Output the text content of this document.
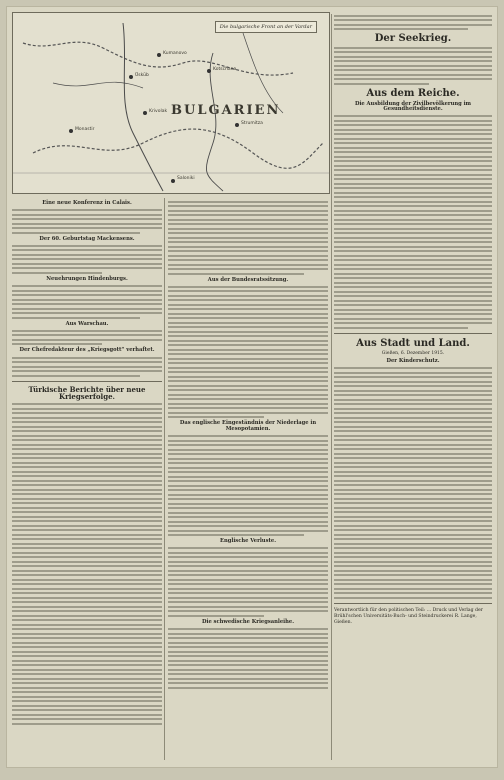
Die bulgarische Front an der Vardar
BULGARIEN
Üsküb
Kumanovo
Kotschana
Strumitza
Monastir
Saloniki
Krivolak
Eine neue Konferenz in Calais.
Der 60. Geburtstag Mackensens.
Neuehrungen Hindenburgs.
Aus Warschau.
Der Chefredakteur des „Kriegsgott“ verhaftet.
Türkische Berichte über neue Kriegserfolge.
Aus der Bundesratssitzung.
Das englische Eingeständnis der Niederlage in Mesopotamien.
Englische Verluste.
Die schwedische Kriegsanleihe.
Der Seekrieg.
Aus dem Reiche.
Die Ausbildung der Zivilbevölkerung im Gesundheitsdienste.
Aus Stadt und Land.
Gießen, 6. Dezember 1915.
Der Kinderschutz.
Verantwortlich für den politischen Teil: ... Druck und Verlag der Brühl'schen Universitäts-Buch- und Steindruckerei R. Lange, Gießen.
